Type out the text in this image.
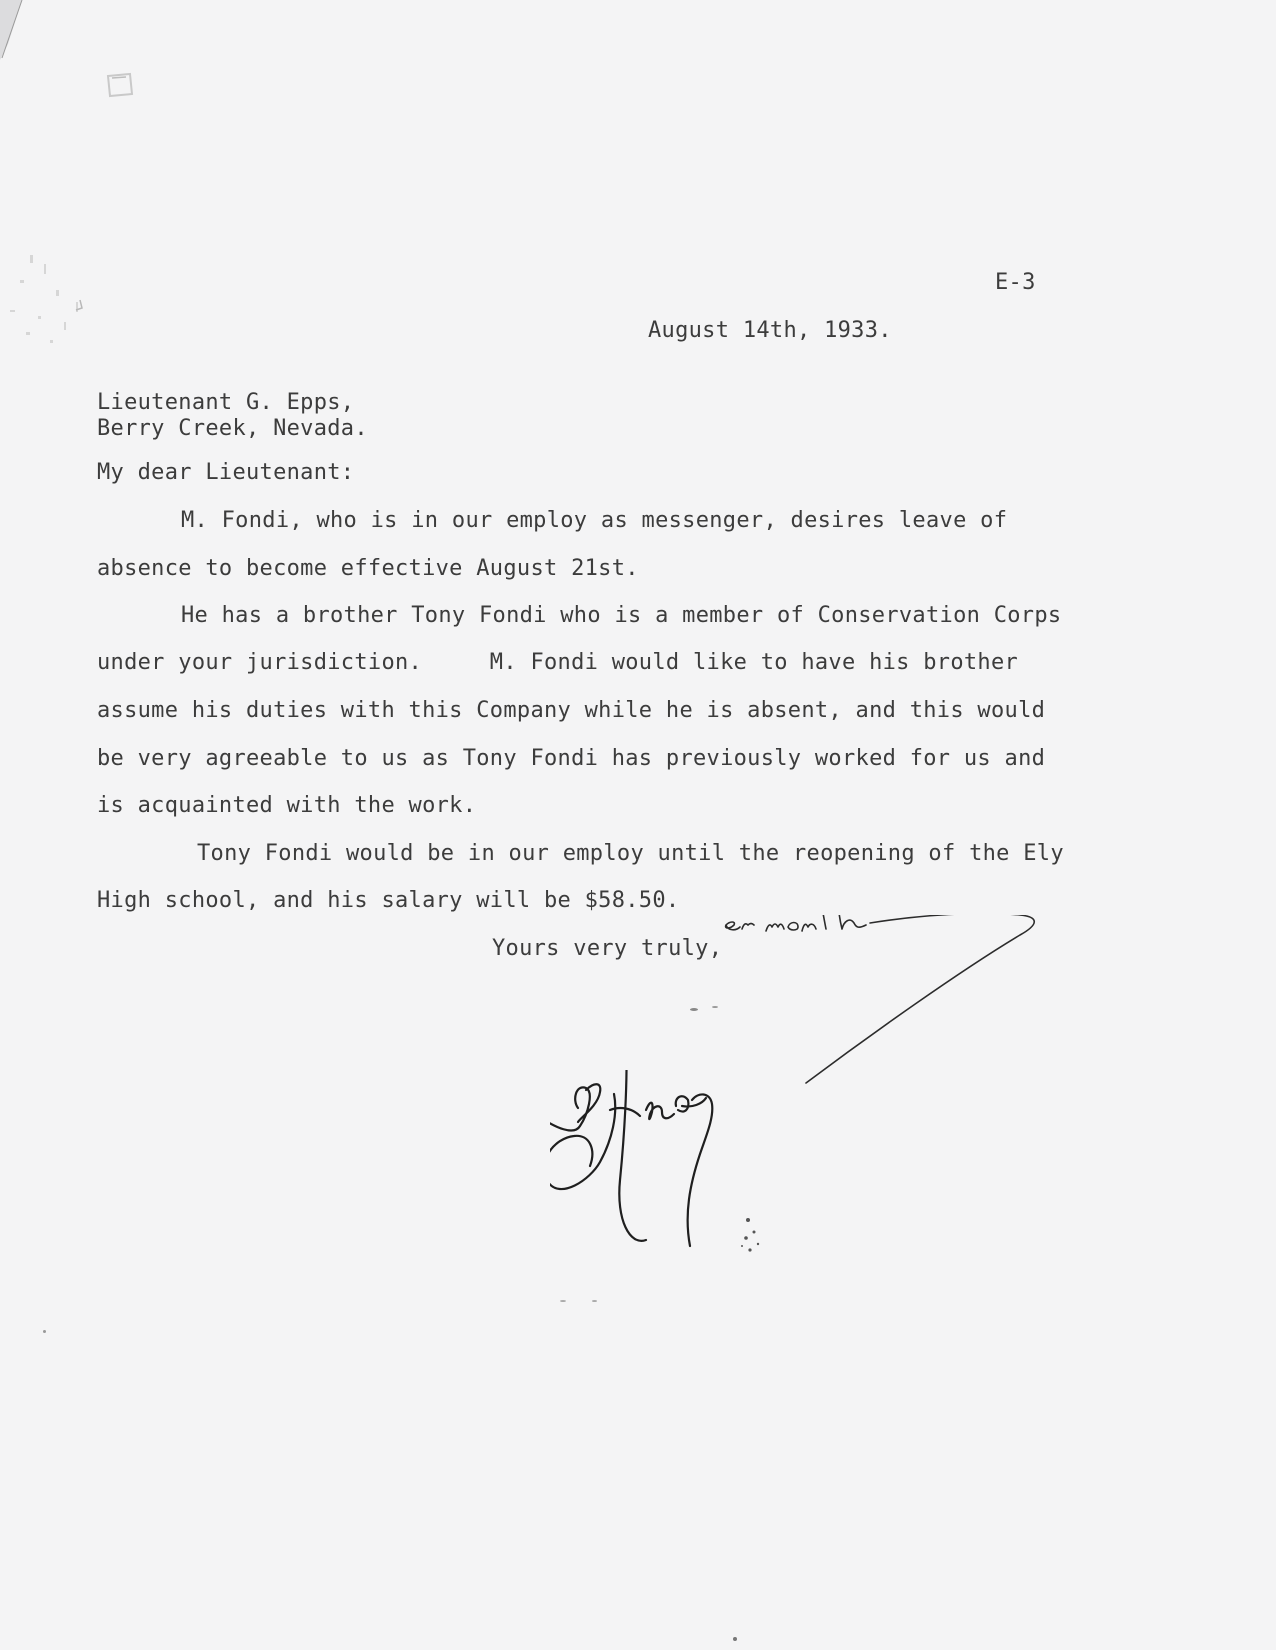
E-3
August 14th, 1933.
Lieutenant G. Epps,
Berry Creek, Nevada.
My dear Lieutenant:
M. Fondi, who is in our employ as messenger, desires leave of
absence to become effective August 21st.
He has a brother Tony Fondi who is a member of Conservation Corps
under your jurisdiction.     M. Fondi would like to have his brother
assume his duties with this Company while he is absent, and this would
be very agreeable to us as Tony Fondi has previously worked for us and
is acquainted with the work.
Tony Fondi would be in our employ until the reopening of the Ely
High school, and his salary will be $58.50.
Yours very truly,
